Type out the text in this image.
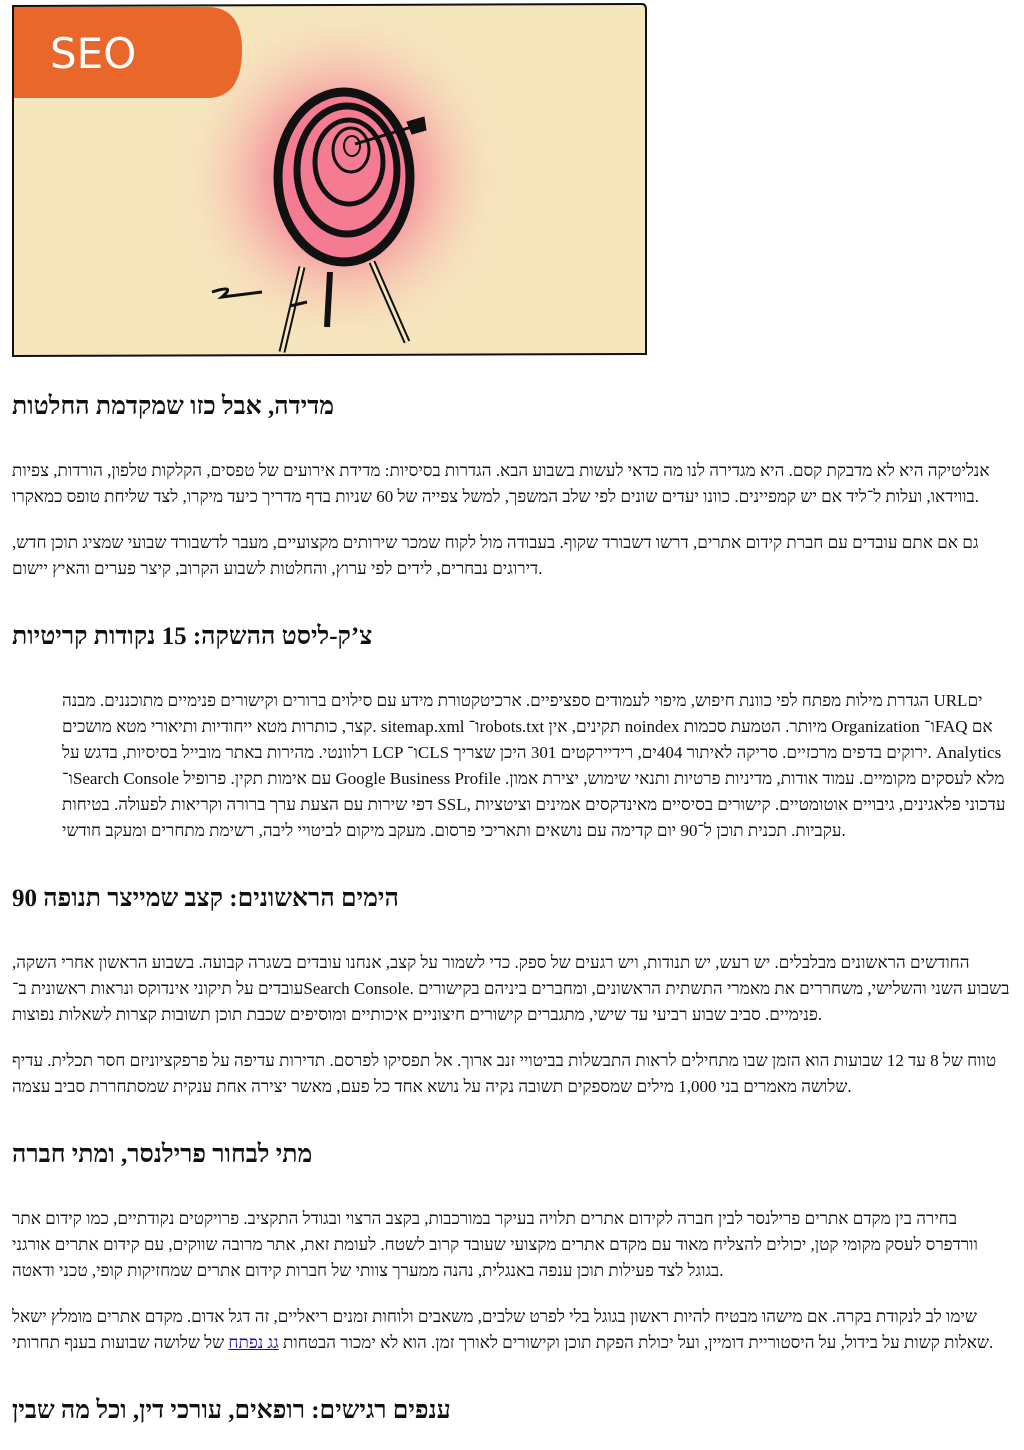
SEO
מדידה, אבל כזו שמקדמת החלטות

אנליטיקה היא לא מדבקת קסם. היא מגדירה לנו מה כדאי לעשות בשבוע הבא. הגדרות בסיסיות: מדידת אירועים של טפסים, הקלקות טלפון, הורדות, צפיות בווידאו, ועלות ל־ליד אם יש קמפיינים. כוונו יעדים שונים לפי שלב המשפך, למשל צפייה של 60 שניות בדף מדריך כיעד מיקרו, לצד שליחת טופס כמאקרו.

גם אם אתם עובדים עם חברת קידום אתרים, דרשו דשבורד שקוף. בעבודה מול לקוח שמכר שירותים מקצועיים, מעבר לדשבורד שבועי שמציג תוכן חדש, דירוגים נבחרים, לידים לפי ערוץ, והחלטות לשבוע הקרוב, קיצר פערים והאיץ יישום.

צ’ק-ליסט ההשקה: 15 נקודות קריטיות

הגדרת מילות מפתח לפי כוונת חיפוש, מיפוי לעמודים ספציפיים. ארכיטקטורת מידע עם סילוים ברורים וקישורים פנימיים מתוכננים. מבנה URLים קצר, כותרות מטא ייחודיות ותיאורי מטא מושכים. sitemap.xml ו־robots.txt תקינים, אין noindex מיותר. הטמעת סכמות Organization ו־FAQ אם רלוונטי. מהירות באתר מובייל בסיסיות, בדגש על LCP ו־CLS ירוקים בדפים מרכזיים. סריקה לאיתור 404ים, רידיירקטים 301 היכן שצריך. Analytics ו־Search Console עם אימות תקין. פרופיל Google Business Profile מלא לעסקים מקומיים. עמוד אודות, מדיניות פרטיות ותנאי שימוש, יצירת אמון. דפי שירות עם הצעת ערך ברורה וקריאות לפעולה. בטיחות SSL, עדכוני פלאגינים, גיבויים אוטומטיים. קישורים בסיסיים מאינדקסים אמינים וציטציות עקביות. תכנית תוכן ל־90 יום קדימה עם נושאים ותאריכי פרסום. מעקב מיקום לביטויי ליבה, רשימת מתחרים ומעקב חודשי.

90 הימים הראשונים: קצב שמייצר תנופה

החודשים הראשונים מבלבלים. יש רעש, יש תנודות, ויש רגעים של ספק. כדי לשמור על קצב, אנחנו עובדים בשגרה קבועה. בשבוע הראשון אחרי השקה, עובדים על תיקוני אינדוקס ונראות ראשונית ב־Search Console. בשבוע השני והשלישי, משחררים את מאמרי התשתית הראשונים, ומחברים ביניהם בקישורים פנימיים. סביב שבוע רביעי עד שישי, מתגברים קישורים חיצוניים איכותיים ומוסיפים שכבת תוכן תשובות קצרות לשאלות נפוצות.

טווח של 8 עד 12 שבועות הוא הזמן שבו מתחילים לראות התבשלות בביטויי זנב ארוך. אל תפסיקו לפרסם. תדירות עדיפה על פרפקציוניזם חסר תכלית. עדיף שלושה מאמרים בני 1,000 מילים שמספקים תשובה נקיה על נושא אחד כל פעם, מאשר יצירה אחת ענקית שמסתחררת סביב עצמה.

מתי לבחור פרילנסר, ומתי חברה

בחירה בין מקדם אתרים פרילנסר לבין חברה לקידום אתרים תלויה בעיקר במורכבות, בקצב הרצוי ובגודל התקציב. פרויקטים נקודתיים, כמו קידום אתר וורדפרס לעסק מקומי קטן, יכולים להצליח מאוד עם מקדם אתרים מקצועי שעובד קרוב לשטח. לעומת זאת, אתר מרובה שווקים, עם קידום אתרים אורגני בגוגל לצד פעילות תוכן ענפה באנגלית, נהנה ממערך צוותי של חברות קידום אתרים שמחזיקות קופי, טכני ודאטה.

שימו לב לנקודת בקרה. אם מישהו מבטיח להיות ראשון בגוגל בלי לפרט שלבים, משאבים ולוחות זמנים ריאליים, זה דגל אדום. מקדם אתרים מומלץ ישאל שאלות קשות על בידול, על היסטוריית דומיין, ועל יכולת הפקת תוכן וקישורים לאורך זמן. הוא לא ימכור הבטחות גג נפתח של שלושה שבועות בענף תחרותי.

ענפים רגישים: רופאים, עורכי דין, וכל מה שבין
